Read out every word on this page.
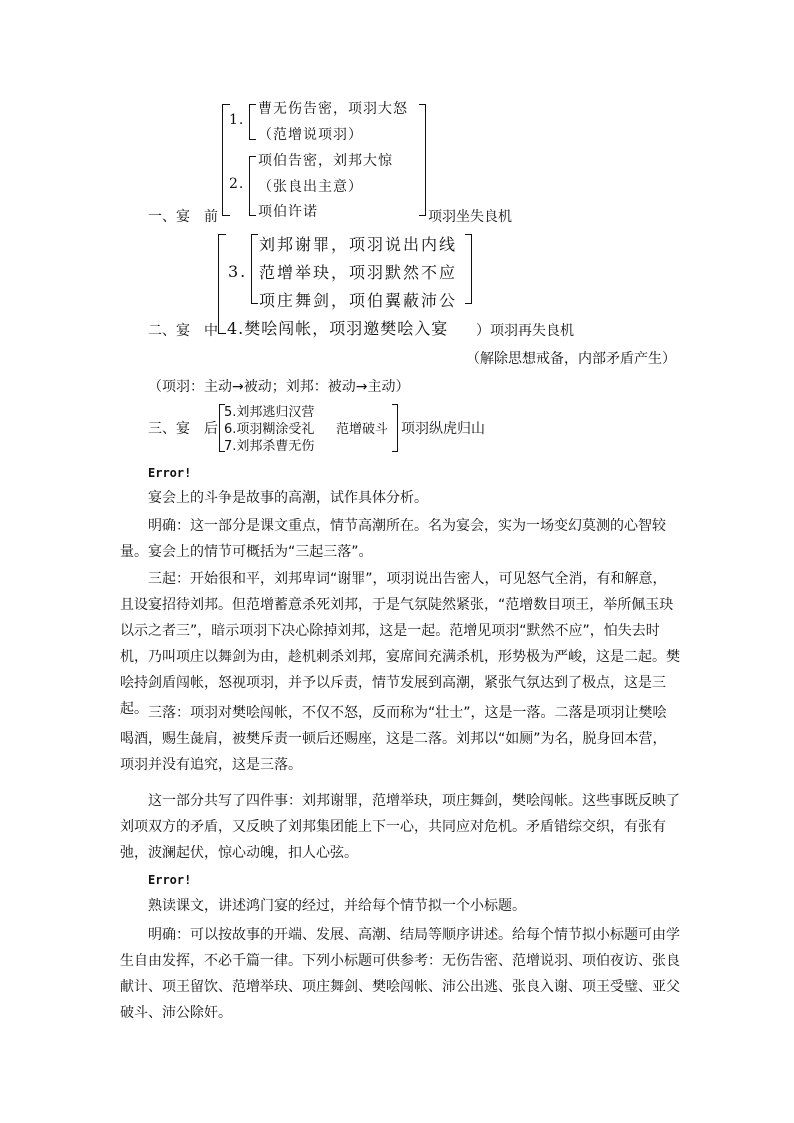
1.
曹无伤告密，项羽大怒
（范增说项羽）
2.
项伯告密，刘邦大惊
（张良出主意）
项伯许诺
一、宴　前	项羽坐失良机
3.
刘邦谢罪，项羽说出内线
范增举玦，项羽默然不应
项庄舞剑，项伯翼蔽沛公
4.樊哙闯帐，项羽邀樊哙入宴
二、宴　中	）项羽再失良机
（解除思想戒备，内部矛盾产生）
（项羽：主动→被动；刘邦：被动→主动）
三、宴　后
5.刘邦逃归汉营
6.项羽糊涂受礼
7.刘邦杀曹无伤
范增破斗 项羽纵虎归山
Error!

宴会上的斗争是故事的高潮，试作具体分析。

明确：这一部分是课文重点，情节高潮所在。名为宴会，实为一场变幻莫测的心智较量。宴会上的情节可概括为“三起三落”。

三起：开始很和平，刘邦卑词“谢罪”，项羽说出告密人，可见怒气全消，有和解意，且设宴招待刘邦。但范增蓄意杀死刘邦，于是气氛陡然紧张，“范增数目项王，举所佩玉玦以示之者三”，暗示项羽下决心除掉刘邦，这是一起。范增见项羽“默然不应”，怕失去时机，乃叫项庄以舞剑为由，趁机刺杀刘邦，宴席间充满杀机，形势极为严峻，这是二起。樊哙持剑盾闯帐，怒视项羽，并予以斥责，情节发展到高潮，紧张气氛达到了极点，这是三起。 三落：项羽对樊哙闯帐，不仅不怒，反而称为“壮士”，这是一落。二落是项羽让樊哙喝酒，赐生彘肩，被樊斥责一顿后还赐座，这是二落。刘邦以“如厕”为名，脱身回本营，项羽并没有追究，这是三落。

这一部分共写了四件事：刘邦谢罪，范增举玦，项庄舞剑，樊哙闯帐。这些事既反映了刘项双方的矛盾，又反映了刘邦集团能上下一心，共同应对危机。矛盾错综交织，有张有弛，波澜起伏，惊心动魄，扣人心弦。

Error!

熟读课文，讲述鸿门宴的经过，并给每个情节拟一个小标题。

明确：可以按故事的开端、发展、高潮、结局等顺序讲述。给每个情节拟小标题可由学生自由发挥，不必千篇一律。下列小标题可供参考：无伤告密、范增说羽、项伯夜访、张良献计、项王留饮、范增举玦、项庄舞剑、樊哙闯帐、沛公出逃、张良入谢、项王受璧、亚父破斗、沛公除奸。
